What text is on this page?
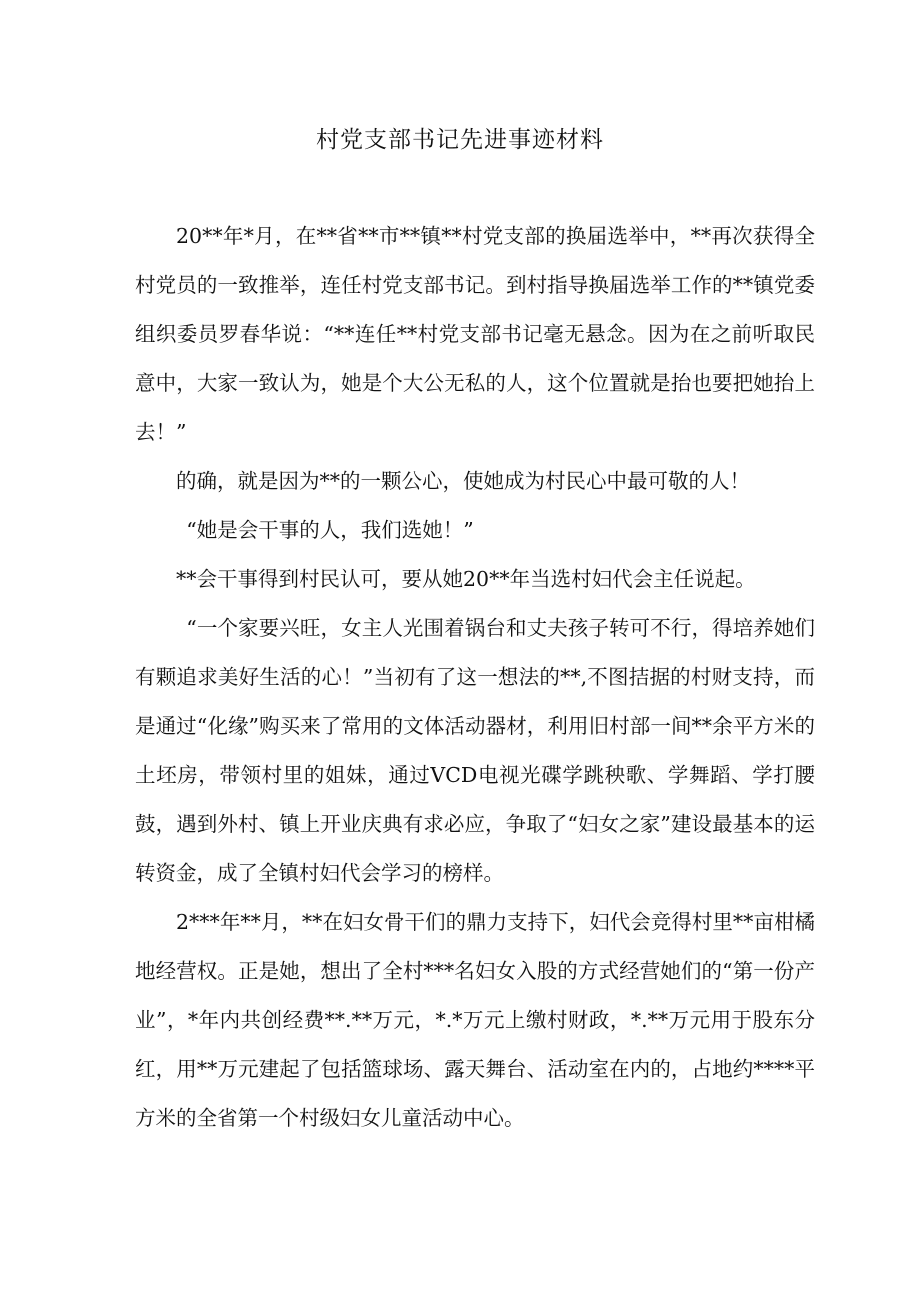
村党支部书记先进事迹材料

20**年*月，在**省**市**镇**村党支部的换届选举中，**再次获得全村党员的一致推举，连任村党支部书记。到村指导换届选举工作的**镇党委组织委员罗春华说：“**连任**村党支部书记毫无悬念。因为在之前听取民意中，大家一致认为，她是个大公无私的人，这个位置就是抬也要把她抬上去！”

的确，就是因为**的一颗公心，使她成为村民心中最可敬的人！

“她是会干事的人，我们选她！”

**会干事得到村民认可，要从她20**年当选村妇代会主任说起。

“一个家要兴旺，女主人光围着锅台和丈夫孩子转可不行，得培养她们有颗追求美好生活的心！”当初有了这一想法的**,不图拮据的村财支持，而是通过“化缘”购买来了常用的文体活动器材，利用旧村部一间**余平方米的土坯房，带领村里的姐妹，通过VCD电视光碟学跳秧歌、学舞蹈、学打腰鼓，遇到外村、镇上开业庆典有求必应，争取了“妇女之家”建设最基本的运转资金，成了全镇村妇代会学习的榜样。

2***年**月，**在妇女骨干们的鼎力支持下，妇代会竞得村里**亩柑橘地经营权。正是她，想出了全村***名妇女入股的方式经营她们的“第一份产业”，*年内共创经费**.**万元，*.*万元上缴村财政，*.**万元用于股东分红，用**万元建起了包括篮球场、露天舞台、活动室在内的，占地约****平方米的全省第一个村级妇女儿童活动中心。
